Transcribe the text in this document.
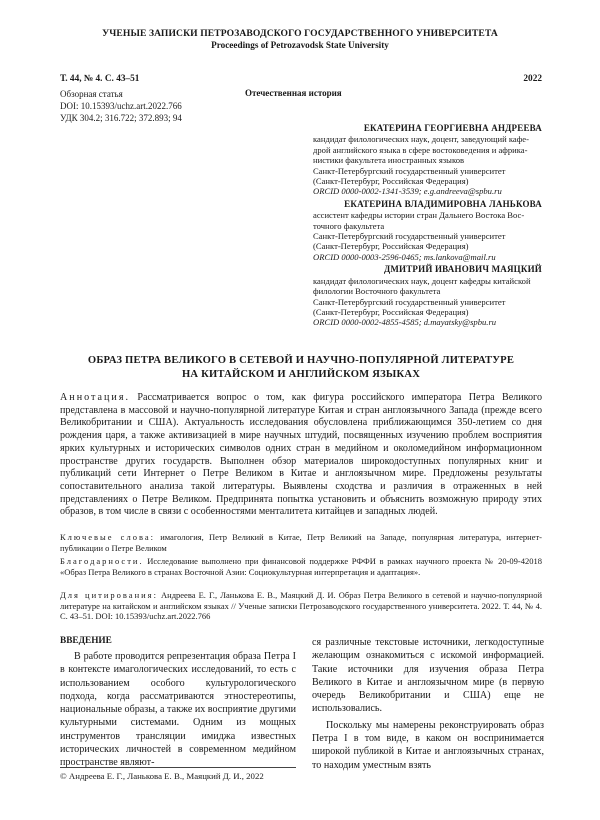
УЧЕНЫЕ ЗАПИСКИ ПЕТРОЗАВОДСКОГО ГОСУДАРСТВЕННОГО УНИВЕРСИТЕТА
Proceedings of Petrozavodsk State University
Т. 44, № 4. С. 43–51	2022
Обзорная статья
DOI: 10.15393/uchz.art.2022.766
УДК 304.2; 316.722; 372.893; 94
Отечественная история
ЕКАТЕРИНА ГЕОРГИЕВНА АНДРЕЕВА
кандидат филологических наук, доцент, заведующий кафе-
дрой английского языка в сфере востоковедения и африка-
нистики факультета иностранных языков
Санкт-Петербургский государственный университет
(Санкт-Петербург, Российская Федерация)
ORCID 0000-0002-1341-3539; e.g.andreeva@spbu.ru
ЕКАТЕРИНА ВЛАДИМИРОВНА ЛАНЬКОВА
ассистент кафедры истории стран Дальнего Востока Вос-
точного факультета
Санкт-Петербургский государственный университет
(Санкт-Петербург, Российская Федерация)
ORCID 0000-0003-2596-0465; ms.lankova@mail.ru
ДМИТРИЙ ИВАНОВИЧ МАЯЦКИЙ
кандидат филологических наук, доцент кафедры китайской
филологии Восточного факультета
Санкт-Петербургский государственный университет
(Санкт-Петербург, Российская Федерация)
ORCID 0000-0002-4855-4585; d.mayatsky@spbu.ru
ОБРАЗ ПЕТРА ВЕЛИКОГО В СЕТЕВОЙ И НАУЧНО-ПОПУЛЯРНОЙ ЛИТЕРАТУРЕ
НА КИТАЙСКОМ И АНГЛИЙСКОМ ЯЗЫКАХ
Аннотация. Рассматривается вопрос о том, как фигура российского императора Петра Великого представлена в массовой и научно-популярной литературе Китая и стран англоязычного Запада (прежде всего Великобритании и США). Актуальность исследования обусловлена приближающимся 350-летием со дня рождения царя, а также активизацией в мире научных штудий, посвященных изучению проблем восприятия ярких культурных и исторических символов одних стран в медийном и околомедийном информационном пространстве других государств. Выполнен обзор материалов широкодоступных популярных книг и публикаций сети Интернет о Петре Великом в Китае и англоязычном мире. Предложены результаты сопоставительного анализа такой литературы. Выявлены сходства и различия в отраженных в ней представлениях о Петре Великом. Предпринята попытка установить и объяснить возможную природу этих образов, в том числе в связи с особенностями менталитета китайцев и западных людей.
Ключевые слова: имагология, Петр Великий в Китае, Петр Великий на Западе, популярная литература, интернет-публикации о Петре Великом
Благодарности. Исследование выполнено при финансовой поддержке РФФИ в рамках научного проекта № 20-09-42018 «Образ Петра Великого в странах Восточной Азии: Социокультурная интерпретация и адаптация».
Для цитирования: Андреева Е. Г., Ланькова Е. В., Маяцкий Д. И. Образ Петра Великого в сетевой и научно-популярной литературе на китайском и английском языках // Ученые записки Петрозаводского государственного университета. 2022. Т. 44, № 4. С. 43–51. DOI: 10.15393/uchz.art.2022.766
ВВЕДЕНИЕ

В работе проводится репрезентация образа Петра I в контексте имагологических исследований, то есть с использованием особого культурологического подхода, когда рассматриваются этностереотипы, национальные образы, а также их восприятие другими культурными системами. Одним из мощных инструментов трансляции имиджа известных исторических личностей в современном медийном пространстве являют-

ся различные текстовые источники, легкодоступные желающим ознакомиться с искомой информацией. Такие источники для изучения образа Петра Великого в Китае и англоязычном мире (в первую очередь Великобритании и США) еще не использовались.

Поскольку мы намерены реконструировать образ Петра I в том виде, в каком он воспринимается широкой публикой в Китае и англоязычных странах, то находим уместным взять

© Андреева Е. Г., Ланькова Е. В., Маяцкий Д. И., 2022
